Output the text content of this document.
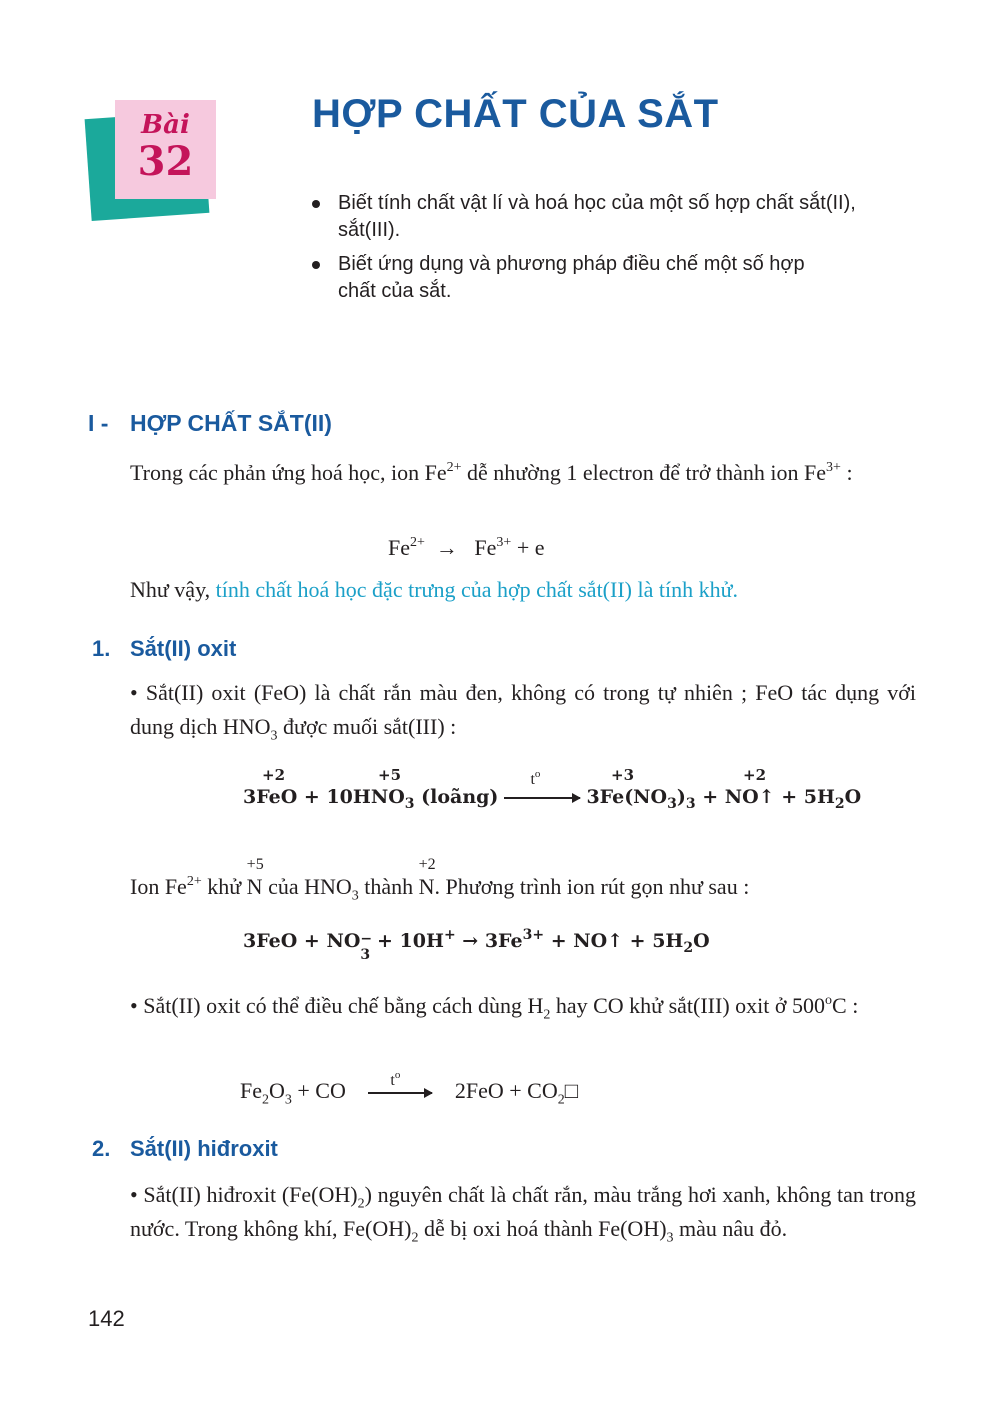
Bài
32
HỢP CHẤT CỦA SẮT
Biết tính chất vật lí và hoá học của một số hợp chất sắt(II), sắt(III).
Biết ứng dụng và phương pháp điều chế một số hợp chất của sắt.
I - HỢP CHẤT SẮT(II)
Trong các phản ứng hoá học, ion $Fe^{2+}$ dễ nhường 1 electron để trở thành ion $Fe^{3+}$ :
$Fe^{2+} \to Fe^{3+} + e$
Như vậy, tính chất hoá học đặc trưng của hợp chất sắt(II) là tính khử.
1. Sắt(II) oxit
• Sắt(II) oxit (FeO) là chất rắn màu đen, không có trong tự nhiên ; FeO tác dụng với dung dịch $HNO_3$ được muối sắt(III) :
+2	+5	+3	+2
$3FeO + 10HNO_3$ (loãng)
$t^o$
$3Fe(NO_3)_3$ + NO↑ + $5H_2O$
Ion $Fe^{2+}$ khử
+5
N của $HNO_3$ thành
+2
N. Phương trình ion rút gọn như sau :
3FeO + NO −
3
+ $10H^+ \to 3Fe^{3+}$ + NO↑ + $5H_2O$
• Sắt(II) oxit có thể điều chế bằng cách dùng $H_2$ hay CO khử sắt(III) oxit ở 500$^o$C :
$Fe_2O_3$ + CO	$t^o$
$2FeO + CO_2□$
2. Sắt(II) hiđroxit
• Sắt(II) hiđroxit $(Fe(OH)_2)$ nguyên chất là chất rắn, màu trắng hơi xanh, không tan trong nước. Trong không khí, $Fe(OH)_2$ dễ bị oxi hoá thành $Fe(OH)_3$ màu nâu đỏ.
142
